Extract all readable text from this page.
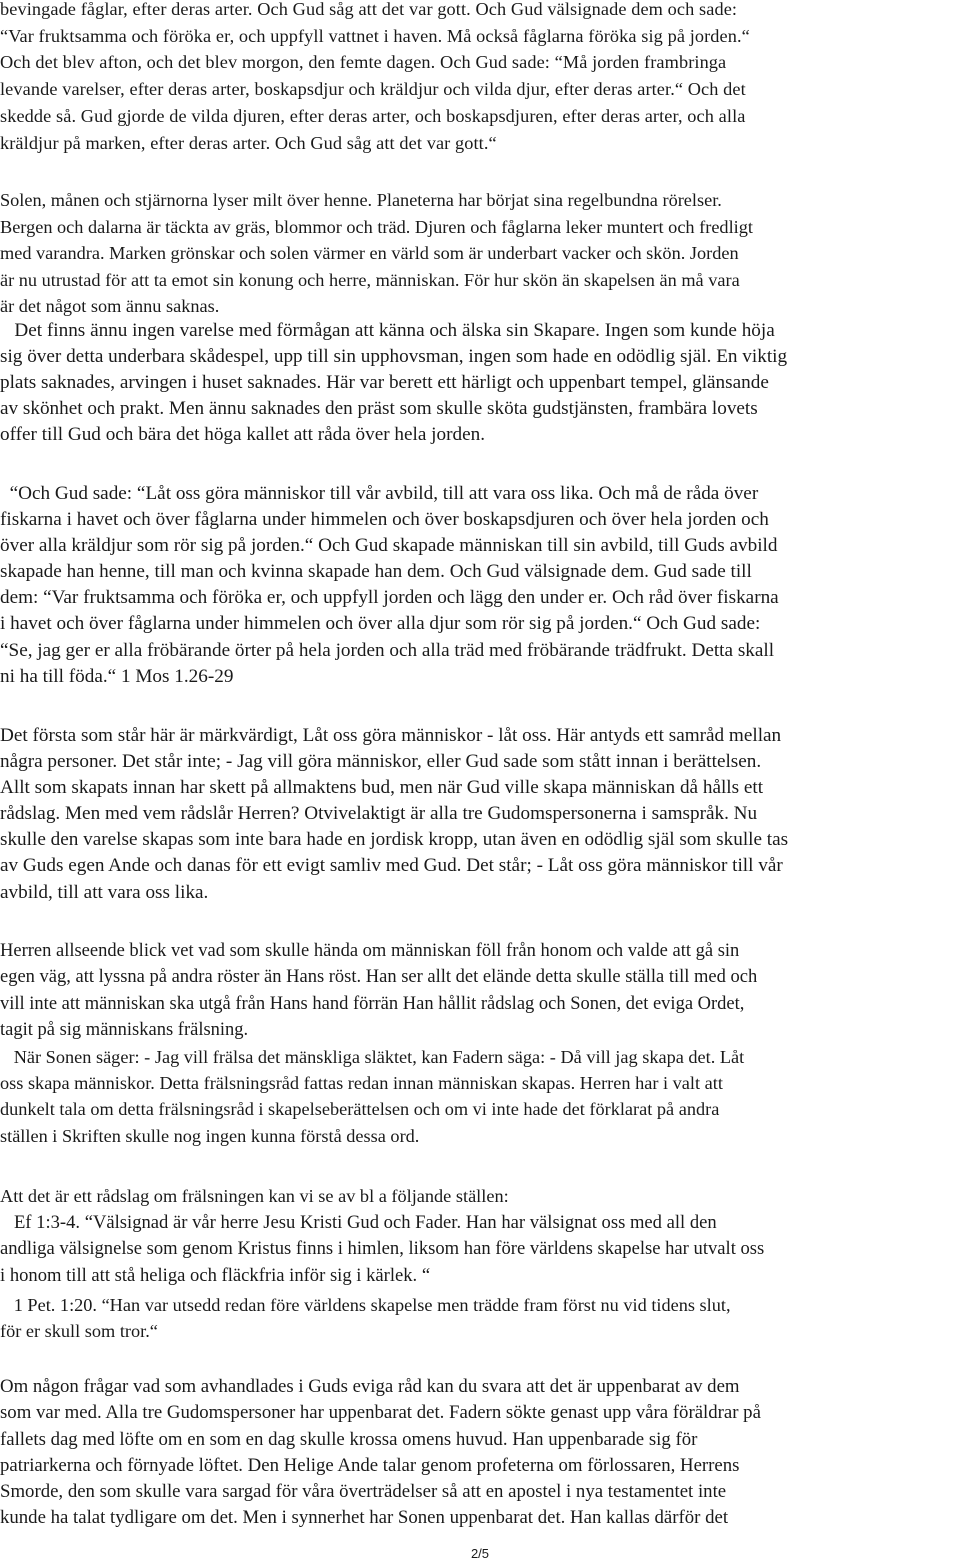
bevingade fåglar, efter deras arter. Och Gud såg att det var gott. Och Gud välsignade dem och sade:
“Var fruktsamma och föröka er, och uppfyll vattnet i haven. Må också fåglarna föröka sig på jorden.“
Och det blev afton, och det blev morgon, den femte dagen. Och Gud sade: “Må jorden frambringa
levande varelser, efter deras arter, boskapsdjur och kräldjur och vilda djur, efter deras arter.“ Och det
skedde så. Gud gjorde de vilda djuren, efter deras arter, och boskapsdjuren, efter deras arter, och alla
kräldjur på marken, efter deras arter. Och Gud såg att det var gott.“
Solen, månen och stjärnorna lyser milt över henne. Planeterna har börjat sina regelbundna rörelser.
Bergen och dalarna är täckta av gräs, blommor och träd. Djuren och fåglarna leker muntert och fredligt
med varandra. Marken grönskar och solen värmer en värld som är underbart vacker och skön. Jorden
är nu utrustad för att ta emot sin konung och herre, människan. För hur skön än skapelsen än må vara
är det något som ännu saknas.
Det finns ännu ingen varelse med förmågan att känna och älska sin Skapare. Ingen som kunde höja
sig över detta underbara skådespel, upp till sin upphovsman, ingen som hade en odödlig själ. En viktig
plats saknades, arvingen i huset saknades. Här var berett ett härligt och uppenbart tempel, glänsande
av skönhet och prakt. Men ännu saknades den präst som skulle sköta gudstjänsten, frambära lovets
offer till Gud och bära det höga kallet att råda över hela jorden.
“Och Gud sade: “Låt oss göra människor till vår avbild, till att vara oss lika. Och må de råda över
fiskarna i havet och över fåglarna under himmelen och över boskapsdjuren och över hela jorden och
över alla kräldjur som rör sig på jorden.“ Och Gud skapade människan till sin avbild, till Guds avbild
skapade han henne, till man och kvinna skapade han dem. Och Gud välsignade dem. Gud sade till
dem: “Var fruktsamma och föröka er, och uppfyll jorden och lägg den under er. Och råd över fiskarna
i havet och över fåglarna under himmelen och över alla djur som rör sig på jorden.“ Och Gud sade:
“Se, jag ger er alla fröbärande örter på hela jorden och alla träd med fröbärande trädfrukt. Detta skall
ni ha till föda.“ 1 Mos 1.26-29
Det första som står här är märkvärdigt, Låt oss göra människor - låt oss. Här antyds ett samråd mellan
några personer. Det står inte; - Jag vill göra människor, eller Gud sade som stått innan i berättelsen.
Allt som skapats innan har skett på allmaktens bud, men när Gud ville skapa människan då hålls ett
rådslag. Men med vem rådslår Herren? Otvivelaktigt är alla tre Gudomspersonerna i samspråk. Nu
skulle den varelse skapas som inte bara hade en jordisk kropp, utan även en odödlig själ som skulle tas
av Guds egen Ande och danas för ett evigt samliv med Gud. Det står; - Låt oss göra människor till vår
avbild, till att vara oss lika.
Herren allseende blick vet vad som skulle hända om människan föll från honom och valde att gå sin
egen väg, att lyssna på andra röster än Hans röst. Han ser allt det elände detta skulle ställa till med och
vill inte att människan ska utgå från Hans hand förrän Han hållit rådslag och Sonen, det eviga Ordet,
tagit på sig människans frälsning.
När Sonen säger: - Jag vill frälsa det mänskliga släktet, kan Fadern säga: - Då vill jag skapa det. Låt
oss skapa människor. Detta frälsningsråd fattas redan innan människan skapas. Herren har i valt att
dunkelt tala om detta frälsningsråd i skapelseberättelsen och om vi inte hade det förklarat på andra
ställen i Skriften skulle nog ingen kunna förstå dessa ord.
Att det är ett rådslag om frälsningen kan vi se av bl a följande ställen:
Ef 1:3-4. “Välsignad är vår herre Jesu Kristi Gud och Fader. Han har välsignat oss med all den
andliga välsignelse som genom Kristus finns i himlen, liksom han före världens skapelse har utvalt oss
i honom till att stå heliga och fläckfria inför sig i kärlek. “
1 Pet. 1:20. “Han var utsedd redan före världens skapelse men trädde fram först nu vid tidens slut,
för er skull som tror.“
Om någon frågar vad som avhandlades i Guds eviga råd kan du svara att det är uppenbarat av dem
som var med. Alla tre Gudomspersoner har uppenbarat det. Fadern sökte genast upp våra föräldrar på
fallets dag med löfte om en som en dag skulle krossa omens huvud. Han uppenbarade sig för
patriarkerna och förnyade löftet. Den Helige Ande talar genom profeterna om förlossaren, Herrens
Smorde, den som skulle vara sargad för våra överträdelser så att en apostel i nya testamentet inte
kunde ha talat tydligare om det. Men i synnerhet har Sonen uppenbarat det. Han kallas därför det
2/5
